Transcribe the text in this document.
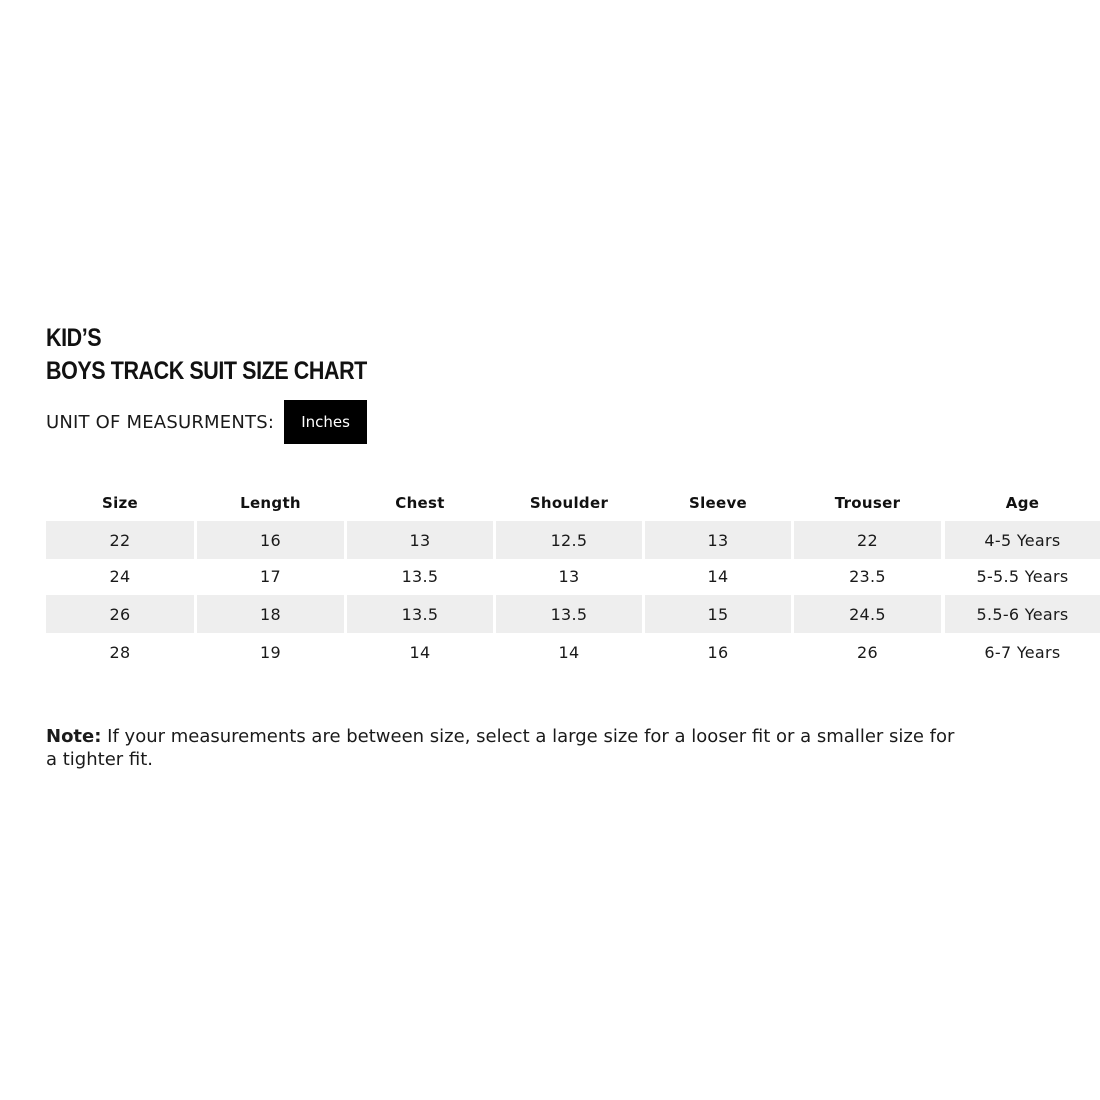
KID’S
BOYS TRACK SUIT SIZE CHART
UNIT OF MEASURMENTS:	Inches
Size	Length	Chest	Shoulder	Sleeve	Trouser	Age
22	16	13	12.5	13	22	4-5 Years
24	17	13.5	13	14	23.5	5-5.5 Years
26	18	13.5	13.5	15	24.5	5.5-6 Years
28	19	14	14	16	26	6-7 Years

Note: If your measurements are between size, select a large size for a looser fit or a smaller size for a tighter fit.
